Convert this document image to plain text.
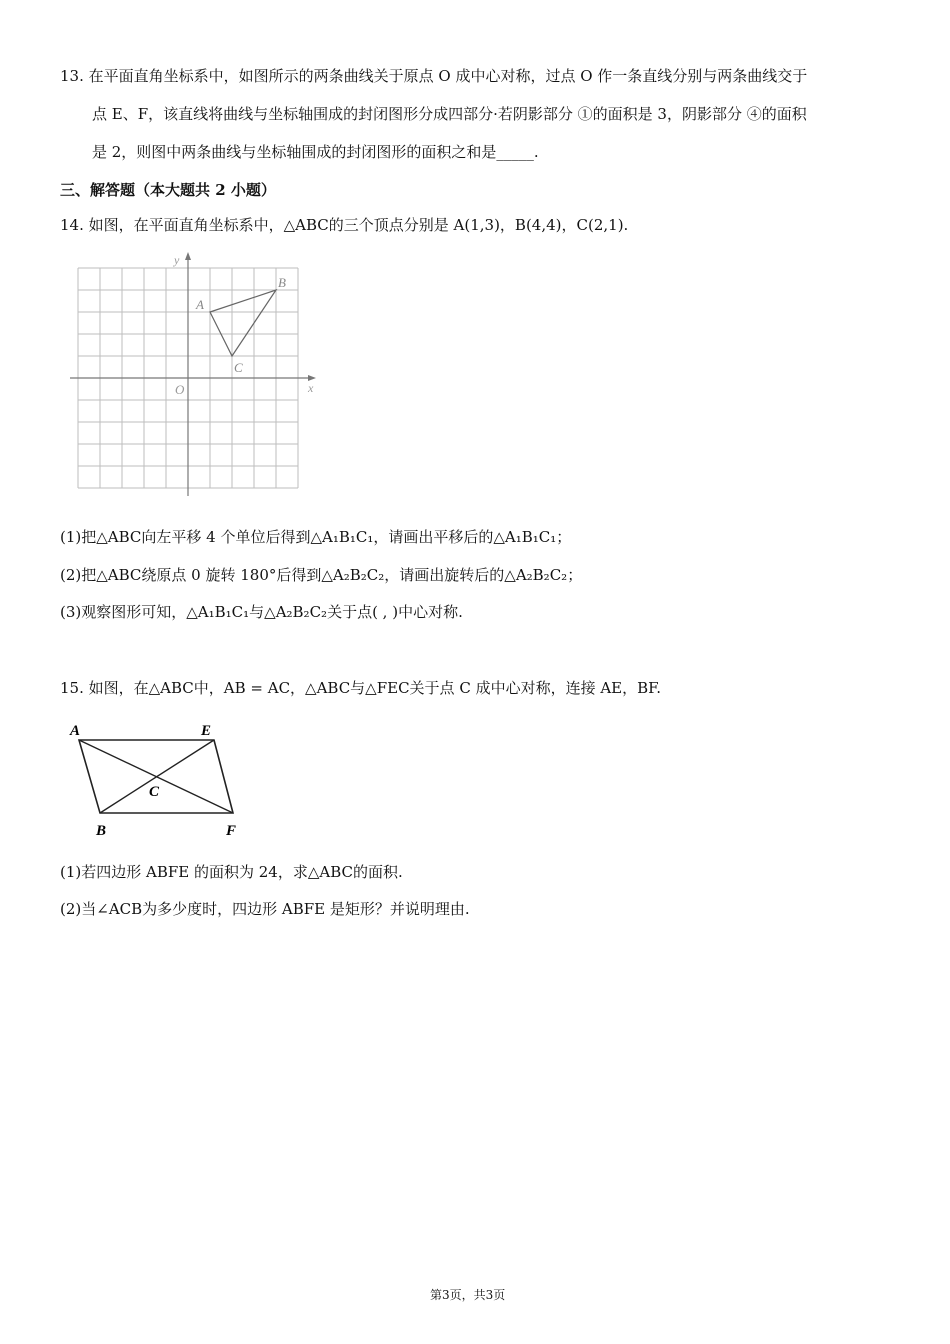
13. 在平面直角坐标系中，如图所示的两条曲线关于原点 O 成中心对称，过点 O 作一条直线分别与两条曲线交于
点 E、F，该直线将曲线与坐标轴围成的封闭图形分成四部分·若阴影部分 ①的面积是 3，阴影部分 ④的面积
是 2，则图中两条曲线与坐标轴围成的封闭图形的面积之和是_____.
三、解答题（本大题共 2 小题）
14. 如图，在平面直角坐标系中，△ABC的三个顶点分别是 A(1,3)，B(4,4)，C(2,1).
x
y
O
A
B
C
(1)把△ABC向左平移 4 个单位后得到△A₁B₁C₁，请画出平移后的△A₁B₁C₁；
(2)把△ABC绕原点 0 旋转 180°后得到△A₂B₂C₂，请画出旋转后的△A₂B₂C₂；
(3)观察图形可知，△A₁B₁C₁与△A₂B₂C₂关于点( , )中心对称.
15. 如图，在△ABC中，AB = AC，△ABC与△FEC关于点 C 成中心对称，连接 AE，BF.
A	E
C
B	F
(1)若四边形 ABFE 的面积为 24，求△ABC的面积.
(2)当∠ACB为多少度时，四边形 ABFE 是矩形？并说明理由.
第3页，共3页
